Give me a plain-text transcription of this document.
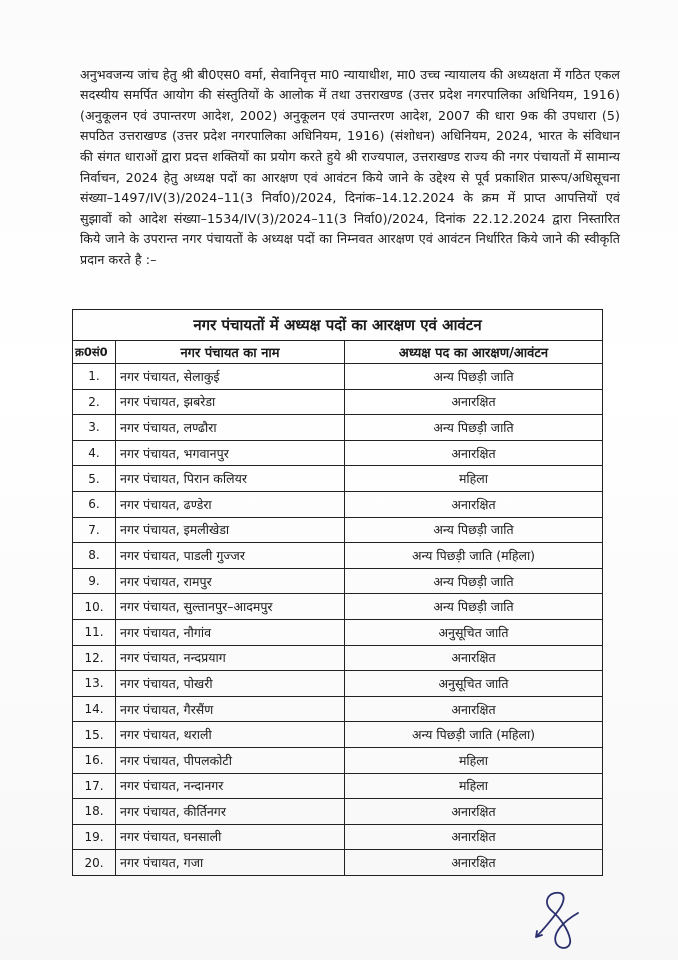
अनुभवजन्य जांच हेतु श्री बी0एस0 वर्मा, सेवानिवृत्त मा0 न्यायाधीश, मा0 उच्च न्यायालय की अध्यक्षता में गठित एकल सदस्यीय समर्पित आयोग की संस्तुतियों के आलोक में तथा उत्तराखण्ड (उत्तर प्रदेश नगरपालिका अधिनियम, 1916) (अनुकूलन एवं उपान्तरण आदेश, 2002) अनुकूलन एवं उपान्तरण आदेश, 2007 की धारा 9क की उपधारा (5) सपठित उत्तराखण्ड (उत्तर प्रदेश नगरपालिका अधिनियम, 1916) (संशोधन) अधिनियम, 2024, भारत के संविधान की संगत धाराओं द्वारा प्रदत्त शक्तियों का प्रयोग करते हुये श्री राज्यपाल, उत्तराखण्ड राज्य की नगर पंचायतों में सामान्य निर्वाचन, 2024 हेतु अध्यक्ष पदों का आरक्षण एवं आवंटन किये जाने के उद्देश्य से पूर्व प्रकाशित प्रारूप/अधिसूचना संख्या–1497/IV(3)/2024–11(3 निर्वा0)/2024, दिनांक–14.12.2024 के क्रम में प्राप्त आपत्तियों एवं सुझावों को आदेश संख्या–1534/IV(3)/2024–11(3 निर्वा0)/2024, दिनांक 22.12.2024 द्वारा निस्तारित किये जाने के उपरान्त नगर पंचायतों के अध्यक्ष पदों का निम्नवत आरक्षण एवं आवंटन निर्धारित किये जाने की स्वीकृति प्रदान करते है :–

नगर पंचायतों में अध्यक्ष पदों का आरक्षण एवं आवंटन		
क्र0सं0	नगर पंचायत का नाम	अध्यक्ष पद का आरक्षण/आवंटन
1.	नगर पंचायत, सेलाकुई	अन्य पिछड़ी जाति
2.	नगर पंचायत, झबरेडा	अनारक्षित
3.	नगर पंचायत, लण्ढौरा	अन्य पिछड़ी जाति
4.	नगर पंचायत, भगवानपुर	अनारक्षित
5.	नगर पंचायत, पिरान कलियर	महिला
6.	नगर पंचायत, ढण्डेरा	अनारक्षित
7.	नगर पंचायत, इमलीखेडा	अन्य पिछड़ी जाति
8.	नगर पंचायत, पाडली गुज्जर	अन्य पिछड़ी जाति (महिला)
9.	नगर पंचायत, रामपुर	अन्य पिछड़ी जाति
10.	नगर पंचायत, सुल्तानपुर–आदमपुर	अन्य पिछड़ी जाति
11.	नगर पंचायत, नौगांव	अनुसूचित जाति
12.	नगर पंचायत, नन्दप्रयाग	अनारक्षित
13.	नगर पंचायत, पोखरी	अनुसूचित जाति
14.	नगर पंचायत, गैरसैंण	अनारक्षित
15.	नगर पंचायत, थराली	अन्य पिछड़ी जाति (महिला)
16.	नगर पंचायत, पीपलकोटी	महिला
17.	नगर पंचायत, नन्दानगर	महिला
18.	नगर पंचायत, कीर्तिनगर	अनारक्षित
19.	नगर पंचायत, घनसाली	अनारक्षित
20.	नगर पंचायत, गजा	अनारक्षित
